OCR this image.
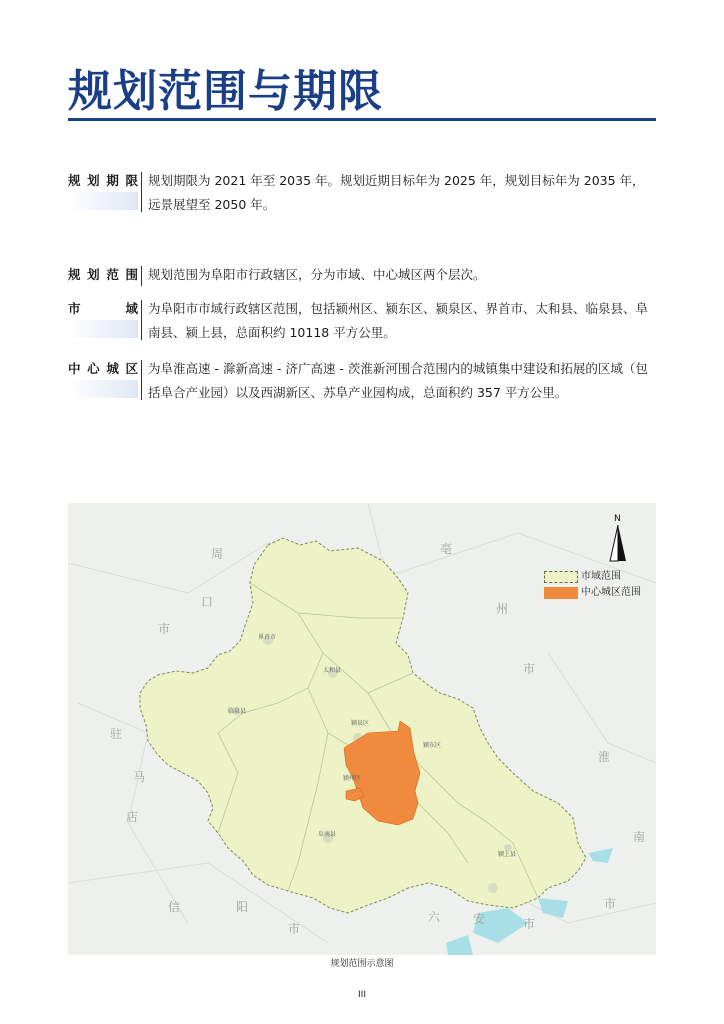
规划范围与期限
规划期限 规划期限为 2021 年至 2035 年。规划近期目标年为 2025 年，规划目标年为 2035 年，远景展望至 2050 年。
规划范围 规划范围为阜阳市行政辖区，分为市域、中心城区两个层次。
市域 为阜阳市市域行政辖区范围，包括颍州区、颍东区、颍泉区、界首市、太和县、临泉县、阜南县、颍上县，总面积约 10118 平方公里。
中心城区 为阜淮高速 - 滁新高速 - 济广高速 - 茨淮新河围合范围内的城镇集中建设和拓展的区域（包括阜合产业园）以及西湖新区、苏阜产业园构成，总面积约 357 平方公里。
周
口
市
驻
马
店
信	阳
市
亳
州
市
淮
南
六	安	市
市
界首市
太和县
临泉县
颍泉区
颍东区
颍州区
阜南县
颍上县
N
市域范围
中心城区范围
规划范围示意图
III
